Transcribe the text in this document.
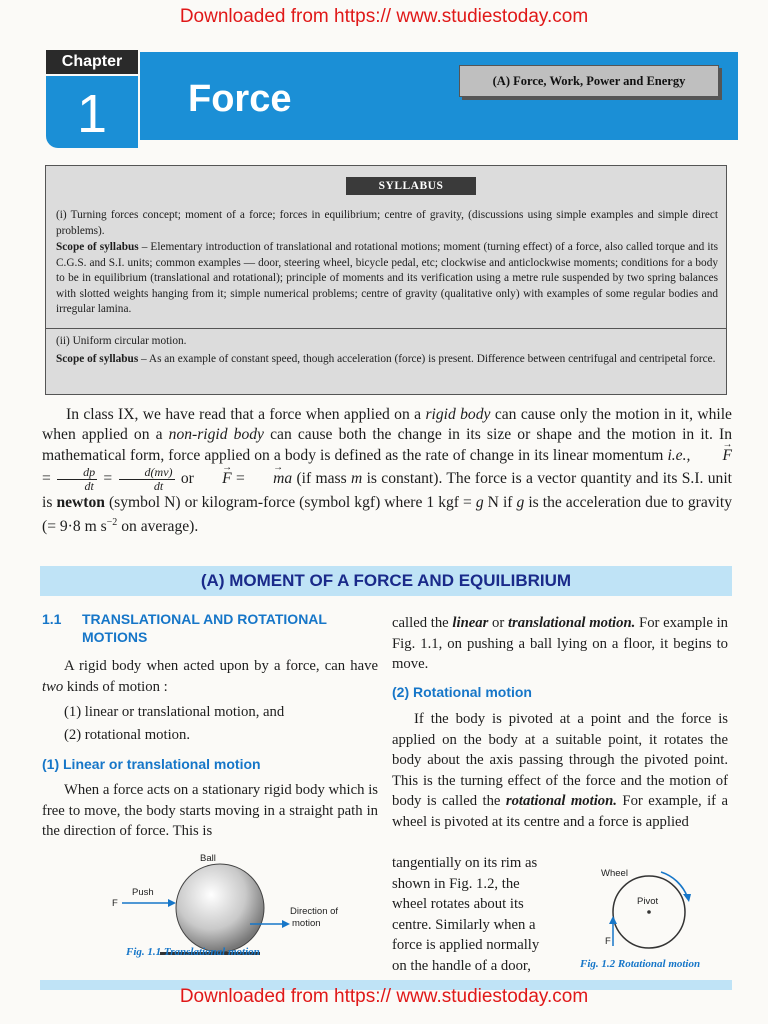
Downloaded from https:// www.studiestoday.com
Chapter
1	Force	(A) Force, Work, Power and Energy
SYLLABUS
(i) Turning forces concept; moment of a force; forces in equilibrium; centre of gravity, (discussions using simple examples and simple direct problems).
Scope of syllabus – Elementary introduction of translational and rotational motions; moment (turning effect) of a force, also called torque and its C.G.S. and S.I. units; common examples — door, steering wheel, bicycle pedal, etc; clockwise and anticlockwise moments; conditions for a body to be in equilibrium (translational and rotational); principle of moments and its verification using a metre rule suspended by two spring balances with slotted weights hanging from it; simple numerical problems; centre of gravity (qualitative only) with examples of some regular bodies and irregular lamina.
(ii) Uniform circular motion.
Scope of syllabus – As an example of constant speed, though acceleration (force) is present. Difference between centrifugal and centripetal force.

In class IX, we have read that a force when applied on a rigid body can cause only the motion in it, while when applied on a non-rigid body can cause both the change in its size or shape and the motion in it. In mathematical form, force applied on a body is defined as the rate of change in its linear momentum i.e.,  → $F = \frac{dp}{dt} = \frac{d(mv)}{dt}$ or → F = → ma (if mass m is constant). The force is a vector quantity and its S.I. unit is newton (symbol N) or kilogram-force (symbol kgf) where 1 kgf = g N if g is the acceleration due to gravity (= 9·8 m $s^{-2}$ on average).

(A) MOMENT OF A FORCE AND EQUILIBRIUM
1.1 TRANSLATIONAL AND ROTATIONAL

MOTIONS
A rigid body when acted upon by a force, can have two kinds of motion :
(1) linear or translational motion, and
(2) rotational motion.
(1) Linear or translational motion
When a force acts on a stationary rigid body which is free to move, the body starts moving in a straight path in the direction of force. This is
Ball
Push
F
Direction of
motion
Fig. 1.1 Translational motion
called the linear or translational motion. For example in Fig. 1.1, on pushing a ball lying on a floor, it begins to move.
(2) Rotational motion
If the body is pivoted at a point and the force is applied on the body at a suitable point, it rotates the body about the axis passing through the pivoted point. This is the turning effect of the force and the motion of body is called the rotational motion. For example, if a wheel is pivoted at its centre and a force is applied
tangentially on its rim as
shown in Fig. 1.2, the
wheel rotates about its
centre. Similarly when a
force is applied normally
on the handle of a door,
Wheel
Pivot
F
Fig. 1.2 Rotational motion
Downloaded from https:// www.studiestoday.com
